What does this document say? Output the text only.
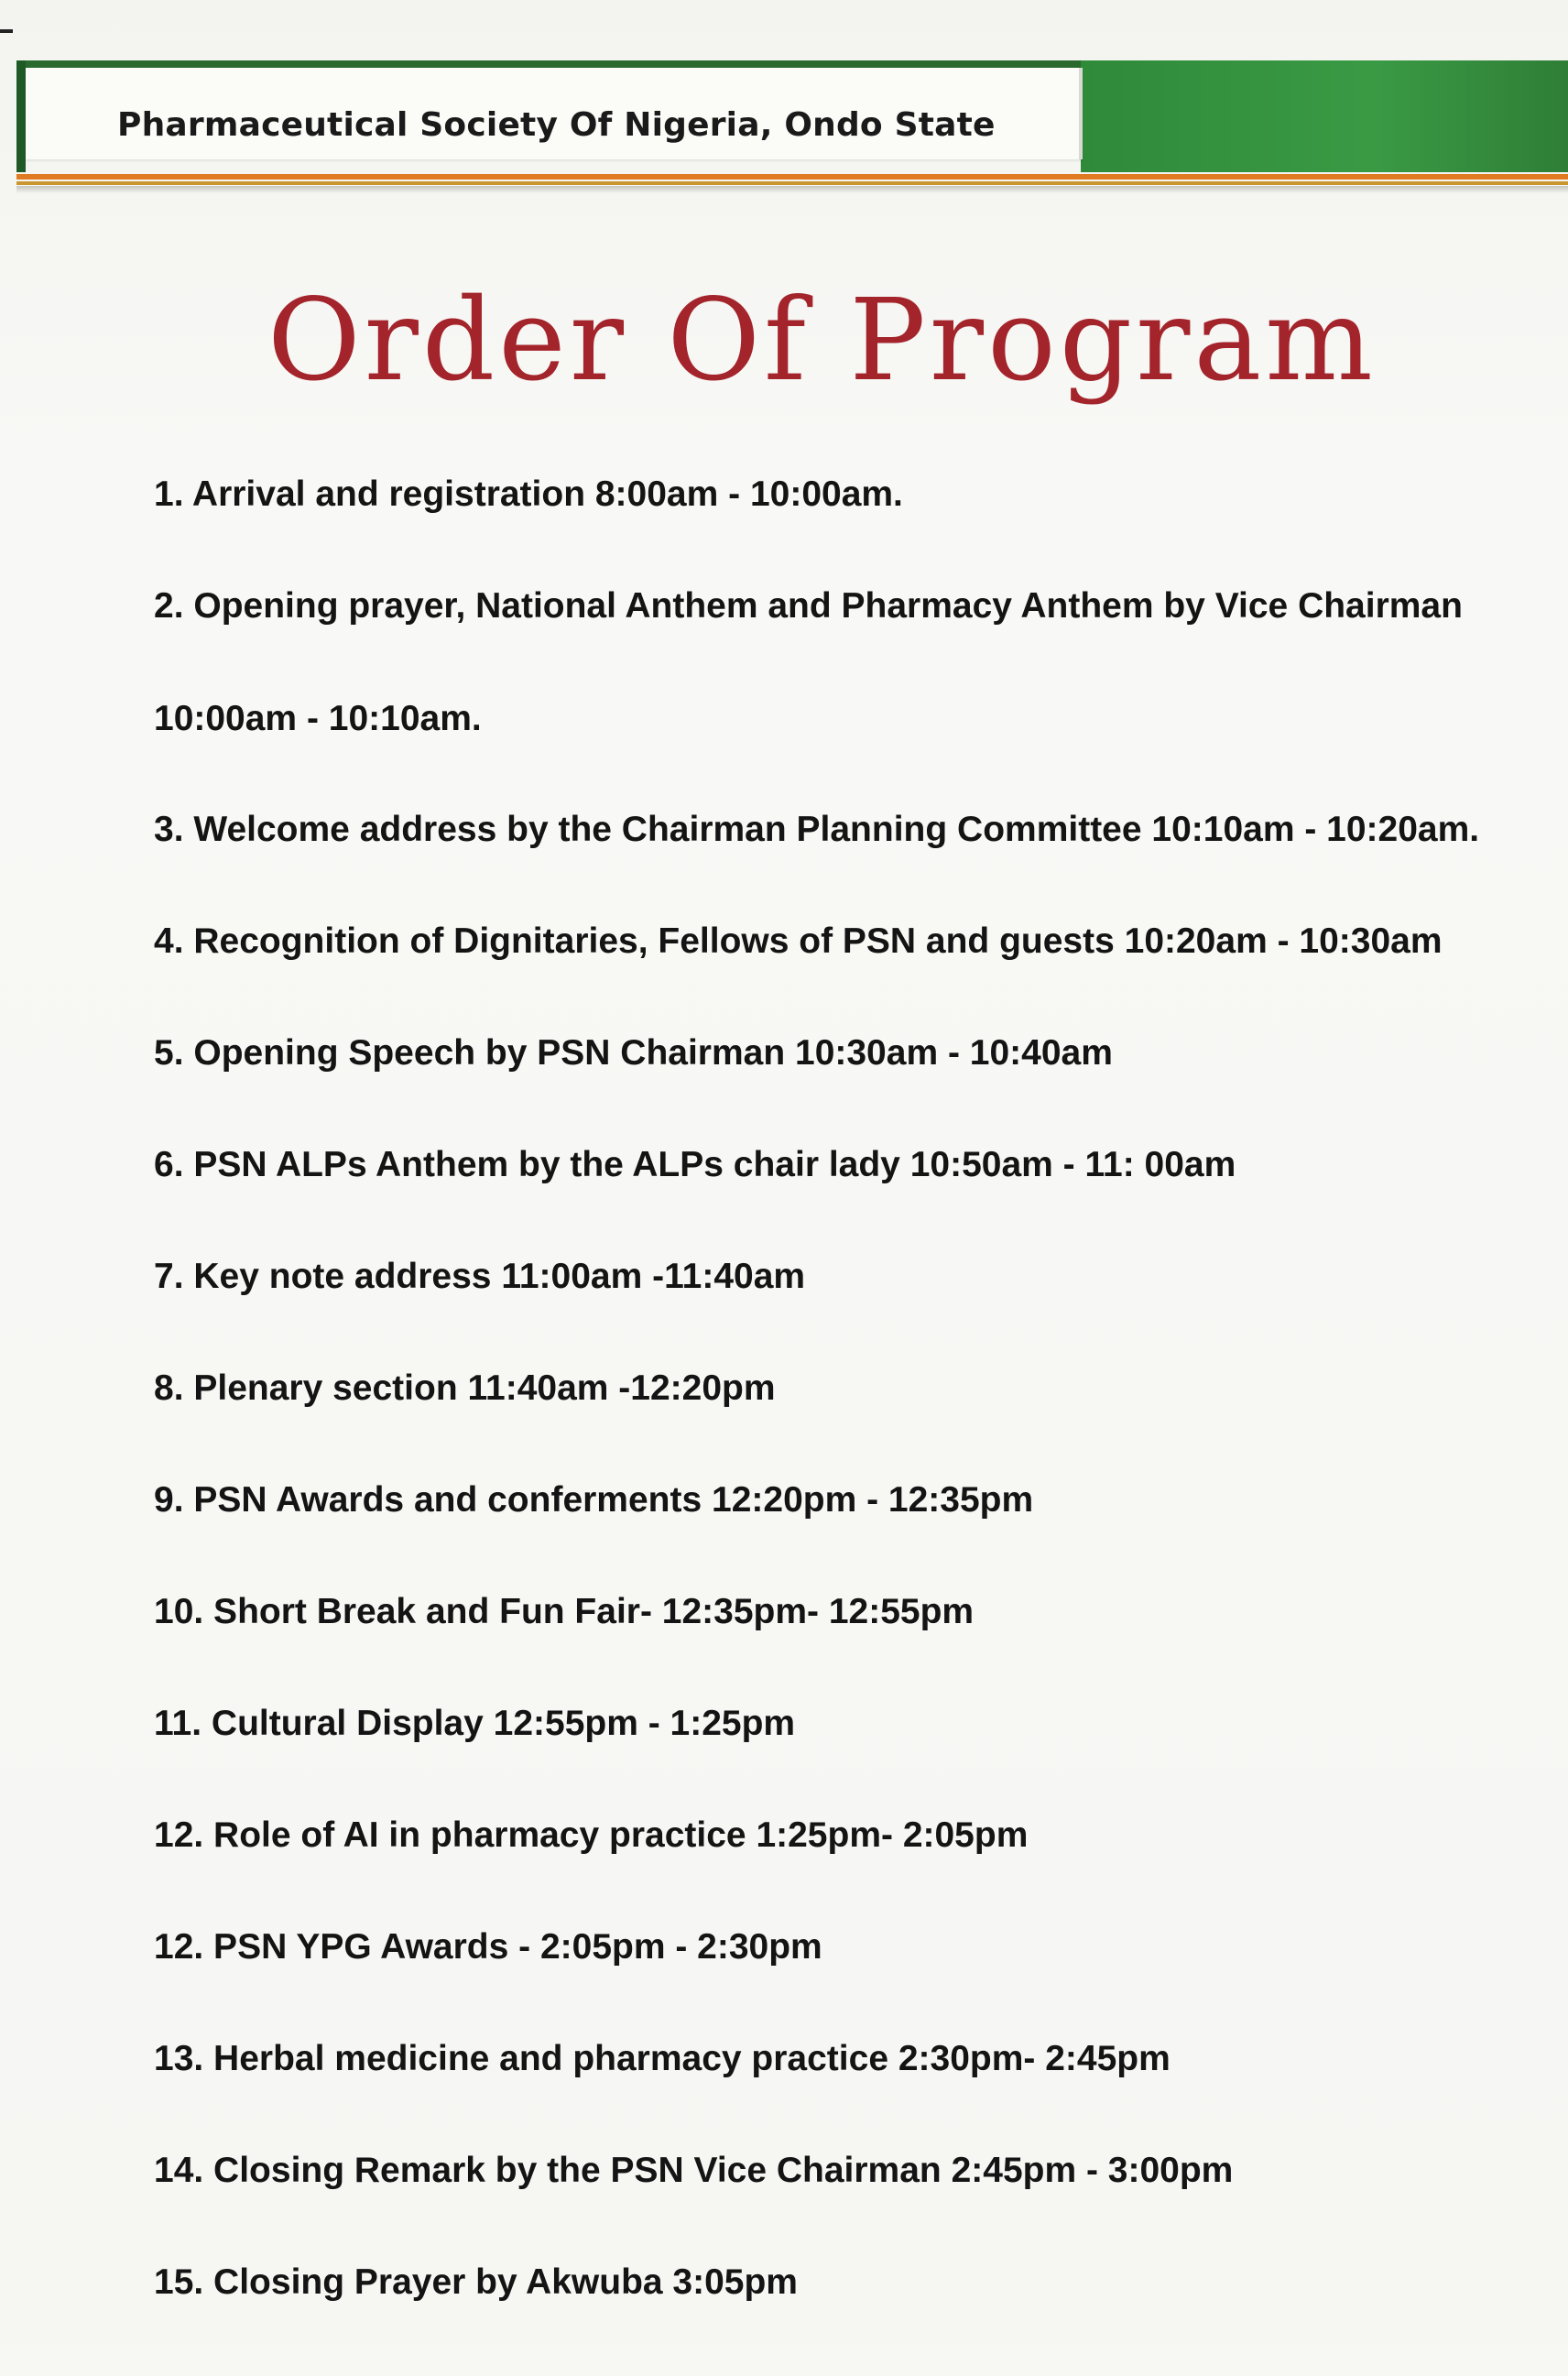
Pharmaceutical Society Of Nigeria, Ondo State
Order Of Program
1. Arrival and registration 8:00am - 10:00am.
2. Opening prayer, National Anthem and Pharmacy Anthem by Vice Chairman
10:00am - 10:10am.
3. Welcome address by the Chairman Planning Committee 10:10am - 10:20am.
4. Recognition of Dignitaries, Fellows of PSN and guests 10:20am - 10:30am
5. Opening Speech by PSN Chairman 10:30am - 10:40am
6. PSN ALPs Anthem by the ALPs chair lady 10:50am - 11: 00am
7. Key note address 11:00am -11:40am
8. Plenary section 11:40am -12:20pm
9. PSN Awards and conferments 12:20pm - 12:35pm
10. Short Break and Fun Fair- 12:35pm- 12:55pm
11. Cultural Display 12:55pm - 1:25pm
12. Role of AI in pharmacy practice 1:25pm- 2:05pm
12. PSN YPG Awards - 2:05pm - 2:30pm
13. Herbal medicine and pharmacy practice 2:30pm- 2:45pm
14. Closing Remark by the PSN Vice Chairman 2:45pm - 3:00pm
15. Closing Prayer by Akwuba 3:05pm
